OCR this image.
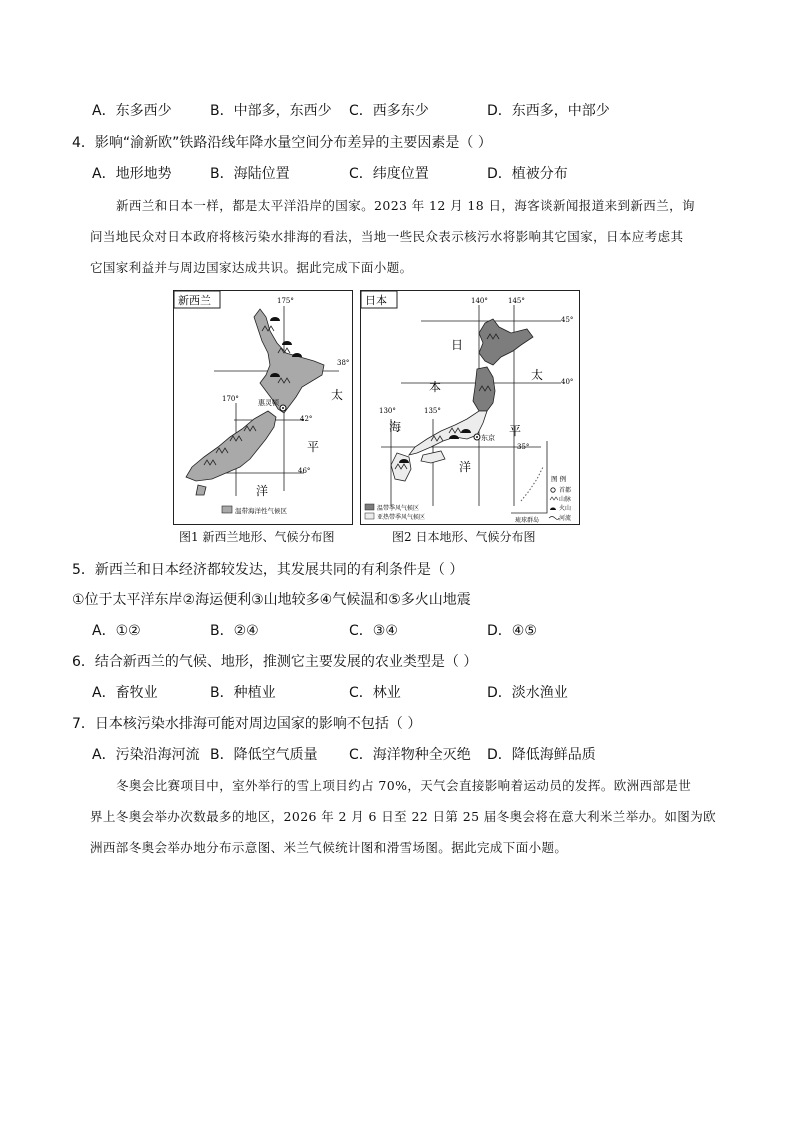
A．东多西少	B．中部多，东西少 C．西多东少	D．东西多，中部少
4．影响“渝新欧”铁路沿线年降水量空间分布差异的主要因素是（ ）
A．地形地势	B．海陆位置	C．纬度位置	D．植被分布
新西兰和日本一样，都是太平洋沿岸的国家。2023 年 12 月 18 日，海客谈新闻报道来到新西兰，询
问当地民众对日本政府将核污染水排海的看法，当地一些民众表示核污水将影响其它国家，日本应考虑其
它国家利益并与周边国家达成共识。据此完成下面小题。
新西兰	175°
170°
38°
42°
46°
惠灵顿
太
平
洋
温带海洋性气候区
日本	140°	145°
130°	135°
45°
40°
35°
东京
日
本
海
太
平
洋
琉球群岛
图 例
首都
山脉
火山
河流
温带季风气候区
亚热带季风气候区
图1 新西兰地形、气候分布图	图2 日本地形、气候分布图
5．新西兰和日本经济都较发达，其发展共同的有利条件是（ ）
①位于太平洋东岸②海运便利③山地较多④气候温和⑤多火山地震
A．①②	B．②④	C．③④	D．④⑤
6．结合新西兰的气候、地形，推测它主要发展的农业类型是（ ）
A．畜牧业	B．种植业	C．林业	D．淡水渔业
7．日本核污染水排海可能对周边国家的影响不包括（ ）
A．污染沿海河流 B．降低空气质量 C．海洋物种全灭绝 D．降低海鲜品质
冬奥会比赛项目中，室外举行的雪上项目约占 70%，天气会直接影响着运动员的发挥。欧洲西部是世
界上冬奥会举办次数最多的地区，2026 年 2 月 6 日至 22 日第 25 届冬奥会将在意大利米兰举办。如图为欧
洲西部冬奥会举办地分布示意图、米兰气候统计图和滑雪场图。据此完成下面小题。
